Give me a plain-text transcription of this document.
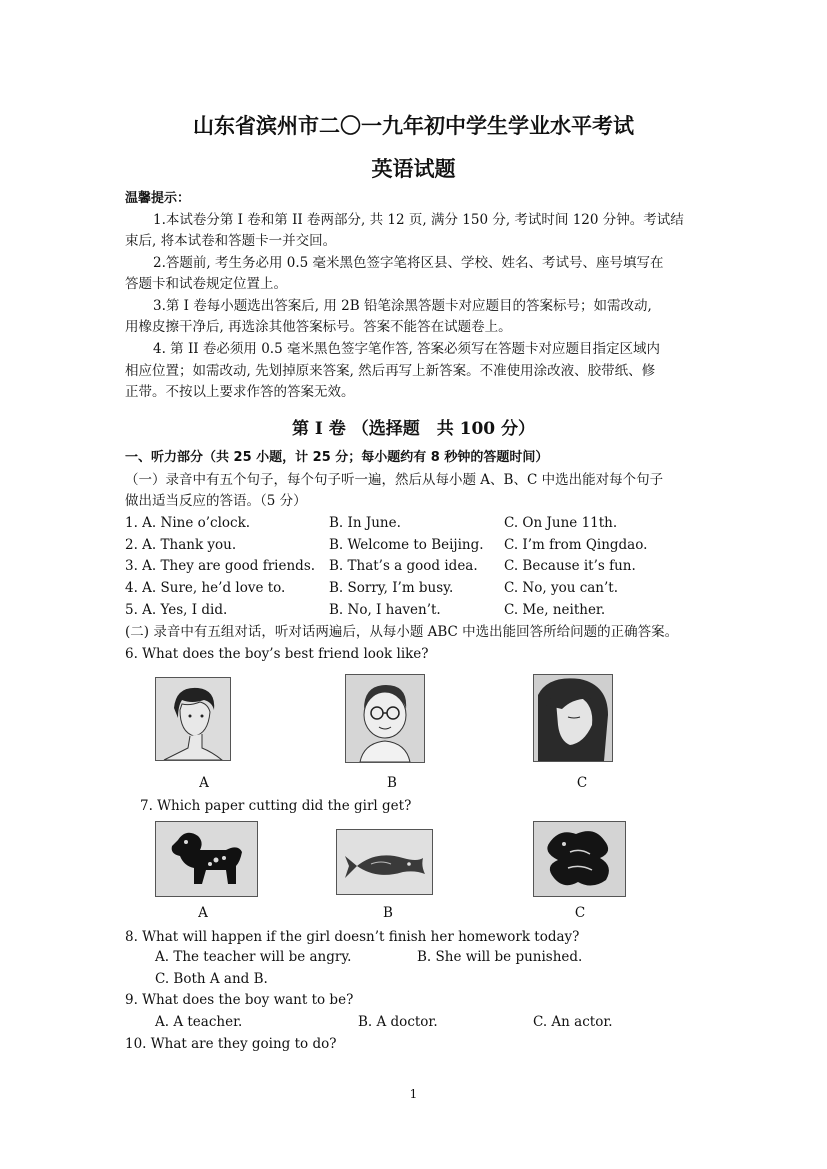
山东省滨州市二〇一九年初中学生学业水平考试
英语试题
温馨提示：
1.本试卷分第 I 卷和第 II 卷两部分, 共 12 页, 满分 150 分, 考试时间 120 分钟。考试结
束后, 将本试卷和答题卡一并交回。
2.答题前, 考生务必用 0.5 毫米黑色签字笔将区县、学校、姓名、考试号、座号填写在
答题卡和试卷规定位置上。
3.第 I 卷每小题选出答案后, 用 2B 铅笔涂黑答题卡对应题目的答案标号；如需改动,
用橡皮擦干净后, 再选涂其他答案标号。答案不能答在试题卷上。
4. 第 II 卷必须用 0.5 毫米黑色签字笔作答, 答案必须写在答题卡对应题目指定区域内
相应位置；如需改动, 先划掉原来答案, 然后再写上新答案。不准使用涂改液、胶带纸、修
正带。不按以上要求作答的答案无效。
第 I 卷 （选择题　共 100 分）
一、听力部分（共 25 小题，计 25 分；每小题约有 8 秒钟的答题时间）
（一）录音中有五个句子，每个句子听一遍，然后从每小题 A、B、C 中选出能对每个句子
做出适当反应的答语。（5 分）
1. A. Nine o’clock.	B. In June.	C. On June 11th.
2. A. Thank you.	B. Welcome to Beijing. C. I’m from Qingdao.
3. A. They are good friends. B. That’s a good idea. C. Because it’s fun.
4. A. Sure, he’d love to.	B. Sorry, I’m busy.	C. No, you can’t.
5. A. Yes, I did.	B. No, I haven’t.	C. Me, neither.
(二) 录音中有五组对话，听对话两遍后，从每小题 ABC 中选出能回答所给问题的正确答案。
6. What does the boy’s best friend look like?
A	B	C
7. Which paper cutting did the girl get?
A	B	C
8. What will happen if the girl doesn’t finish her homework today?
A. The teacher will be angry.	B. She will be punished.
C. Both A and B.
9. What does the boy want to be?
A. A teacher.	B. A doctor.	C. An actor.
10. What are they going to do?
1
